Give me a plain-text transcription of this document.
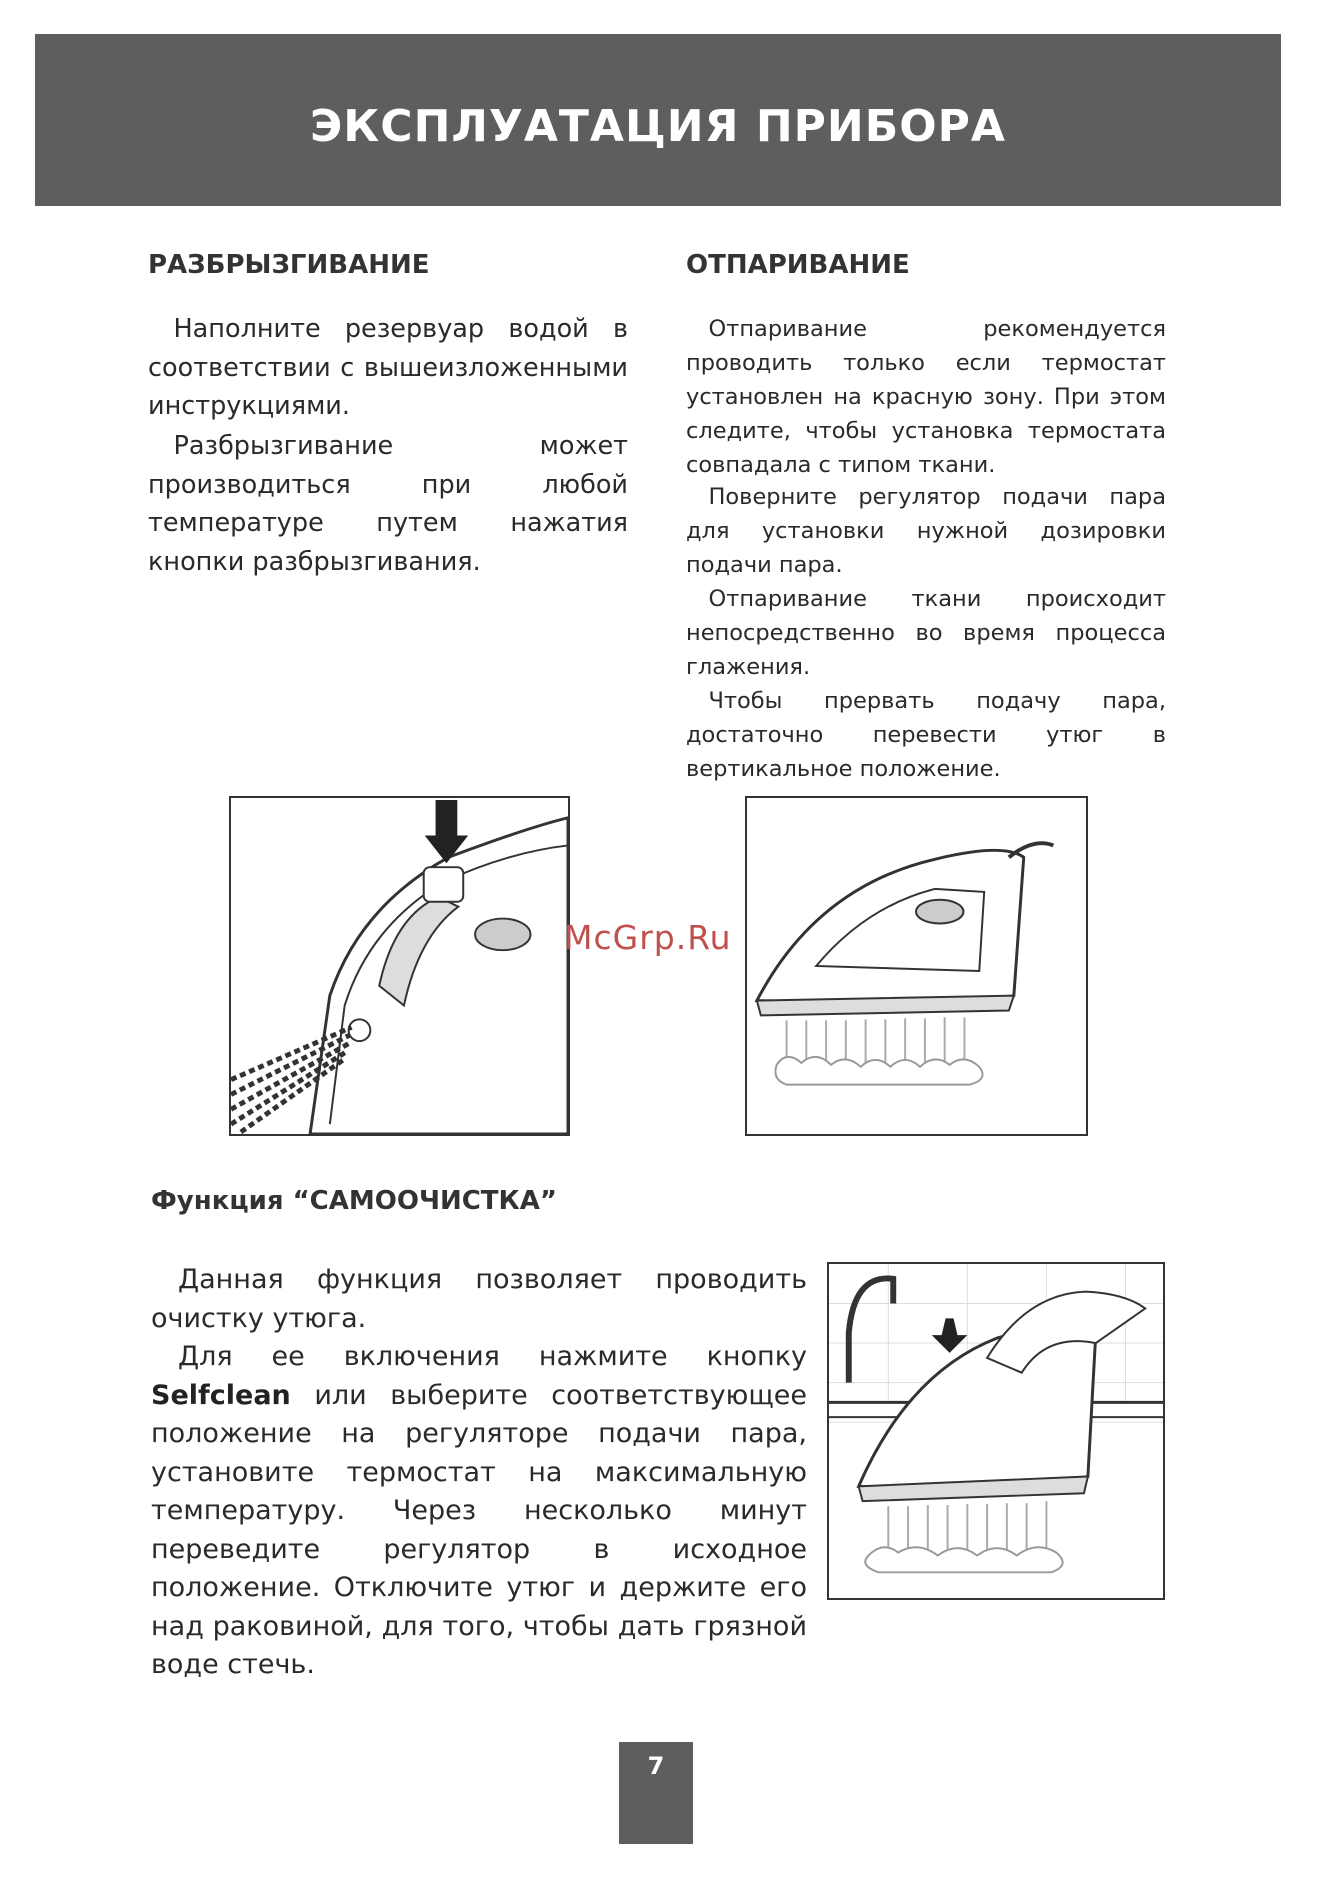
ЭКСПЛУАТАЦИЯ ПРИБОРА
РАЗБРЫЗГИВАНИЕ

Наполните резервуар водой в соответствии с вышеизложенными инструкциями.

Разбрызгивание может производиться при любой температуре путем нажатия кнопки разбрызгивания.

ОТПАРИВАНИЕ

Отпаривание рекомендуется проводить только если термостат установлен на красную зону. При этом следите, чтобы установка термостата совпадала с типом ткани.

Поверните регулятор подачи пара для установки нужной дозировки подачи пара.

Отпаривание ткани происходит непосредственно во время процесса глажения.

Чтобы прервать подачу пара, достаточно перевести утюг в вертикальное положение.

McGrp.Ru
Функция “САМООЧИСТКА”

Данная функция позволяет проводить очистку утюга.

Для ее включения нажмите кнопку Selfclean или выберите соответствующее положение на регуляторе подачи пара, установите термостат на максимальную температуру. Через несколько минут переведите регулятор в исходное положение. Отключите утюг и держите его над раковиной, для того, чтобы дать грязной воде стечь.

7
